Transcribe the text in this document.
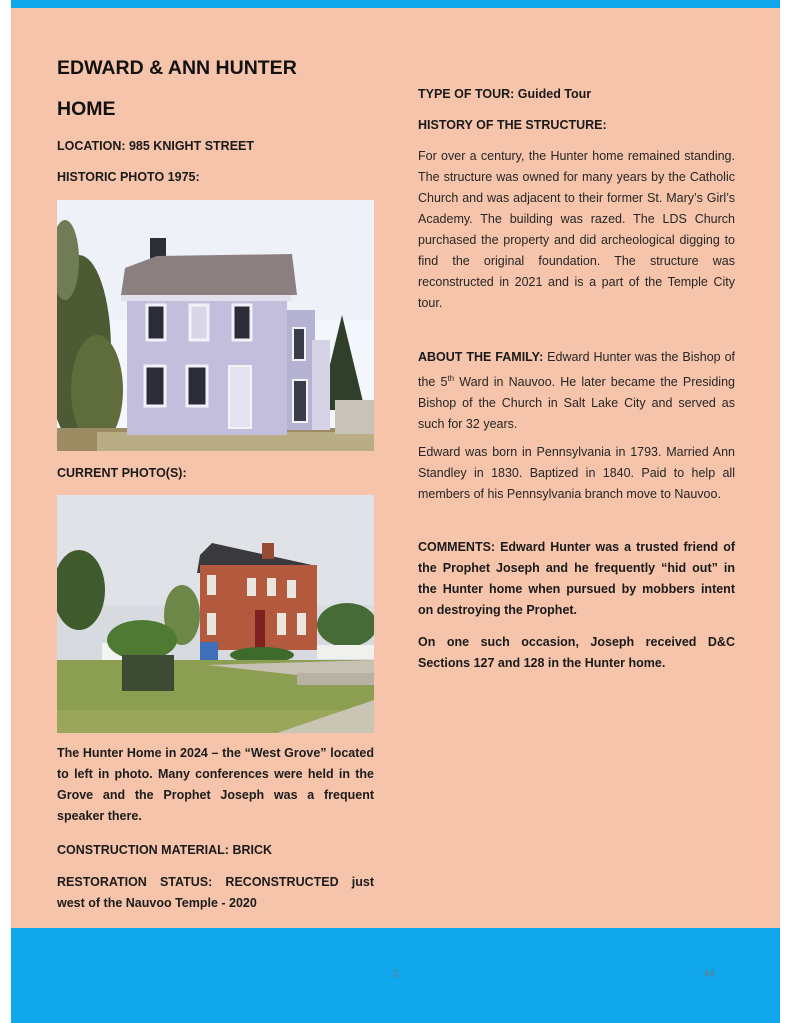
3	44
EDWARD & ANN HUNTER
HOME
LOCATION: 985 KNIGHT STREET
HISTORIC PHOTO 1975:
CURRENT PHOTO(S):

The Hunter Home in 2024 – the “West Grove” located to left in photo. Many conferences were held in the Grove and the Prophet Joseph was a frequent speaker there.

CONSTRUCTION MATERIAL: BRICK

RESTORATION STATUS: RECONSTRUCTED just west of the Nauvoo Temple - 2020

TYPE OF TOUR: Guided Tour
HISTORY OF THE STRUCTURE:

For over a century, the Hunter home remained standing. The structure was owned for many years by the Catholic Church and was adjacent to their former St. Mary’s Girl’s Academy. The building was razed. The LDS Church purchased the property and did archeological digging to find the original foundation. The structure was reconstructed in 2021 and is a part of the Temple City tour.

ABOUT THE FAMILY: Edward Hunter was the Bishop of the 5th Ward in Nauvoo. He later became the Presiding Bishop of the Church in Salt Lake City and served as such for 32 years.

Edward was born in Pennsylvania in 1793. Married Ann Standley in 1830. Baptized in 1840. Paid to help all members of his Pennsylvania branch move to Nauvoo.

COMMENTS: Edward Hunter was a trusted friend of the Prophet Joseph and he frequently “hid out” in the Hunter home when pursued by mobbers intent on destroying the Prophet.

On one such occasion, Joseph received D&C Sections 127 and 128 in the Hunter home.
